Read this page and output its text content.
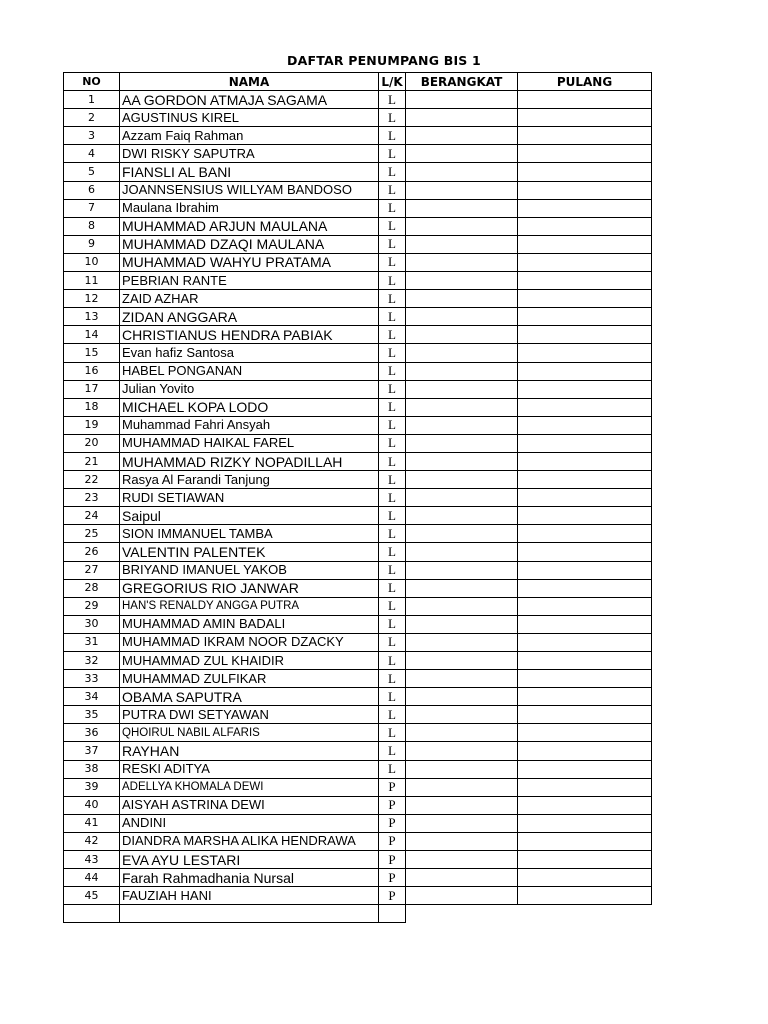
DAFTAR PENUMPANG BIS 1
NO	NAMA	L/K	BERANGKAT	PULANG
1	AA GORDON ATMAJA SAGAMA	L		
2	AGUSTINUS KIREL	L		
3	Azzam Faiq Rahman	L		
4	DWI RISKY SAPUTRA	L		
5	FIANSLI AL BANI	L		
6	JOANNSENSIUS WILLYAM BANDOSO	L		
7	Maulana Ibrahim	L		
8	MUHAMMAD ARJUN MAULANA	L		
9	MUHAMMAD DZAQI MAULANA	L		
10	MUHAMMAD WAHYU PRATAMA	L		
11	PEBRIAN RANTE	L		
12	ZAID AZHAR	L		
13	ZIDAN ANGGARA	L		
14	CHRISTIANUS HENDRA PABIAK	L		
15	Evan hafiz Santosa	L		
16	HABEL PONGANAN	L		
17	Julian Yovito	L		
18	MICHAEL KOPA LODO	L		
19	Muhammad Fahri Ansyah	L		
20	MUHAMMAD HAIKAL FAREL	L		
21	MUHAMMAD RIZKY NOPADILLAH	L		
22	Rasya Al Farandi Tanjung	L		
23	RUDI SETIAWAN	L		
24	Saipul	L		
25	SION IMMANUEL TAMBA	L		
26	VALENTIN PALENTEK	L		
27	BRIYAND IMANUEL YAKOB	L		
28	GREGORIUS RIO JANWAR	L		
29	HAN'S RENALDY ANGGA PUTRA	L		
30	MUHAMMAD AMIN BADALI	L		
31	MUHAMMAD IKRAM NOOR DZACKY	L		
32	MUHAMMAD ZUL KHAIDIR	L		
33	MUHAMMAD ZULFIKAR	L		
34	OBAMA SAPUTRA	L		
35	PUTRA DWI SETYAWAN	L		
36	QHOIRUL NABIL ALFARIS	L		
37	RAYHAN	L		
38	RESKI ADITYA	L		
39	ADELLYA KHOMALA DEWI	P		
40	AISYAH ASTRINA DEWI	P		
41	ANDINI	P		
42	DIANDRA MARSHA ALIKA HENDRAWA	P		
43	EVA AYU LESTARI	P		
44	Farah Rahmadhania Nursal	P		
45	FAUZIAH HANI	P		
